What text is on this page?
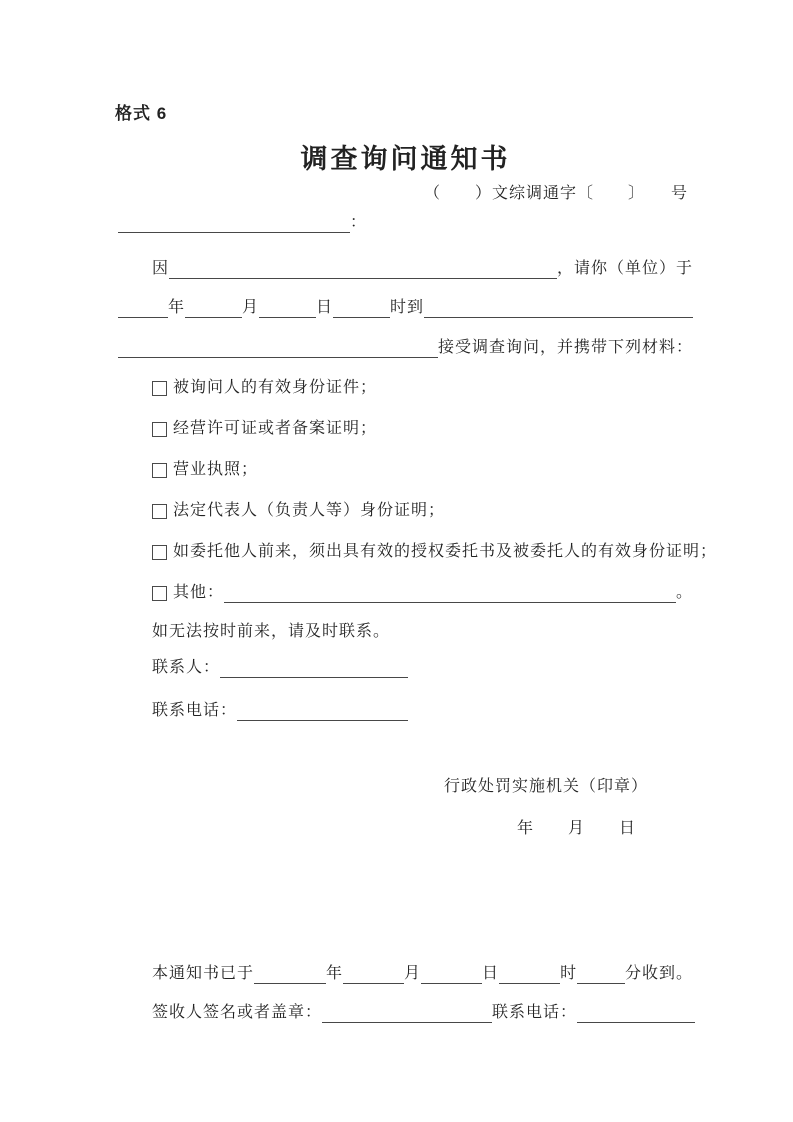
格式 6
调查询问通知书
（　　）文综调通字〔　　〕　　号
：
因	，请你（单位）于
年	月	日	时到
接受调查询问，并携带下列材料：
被询问人的有效身份证件；
经营许可证或者备案证明；
营业执照；
法定代表人（负责人等）身份证明；
如委托他人前来，须出具有效的授权委托书及被委托人的有效身份证明；
其他：	。
如无法按时前来，请及时联系。
联系人：
联系电话：
行政处罚实施机关（印章）
年　　月　　日
本通知书已于	年	月	日	时	分收到。
签收人签名或者盖章：	联系电话：
